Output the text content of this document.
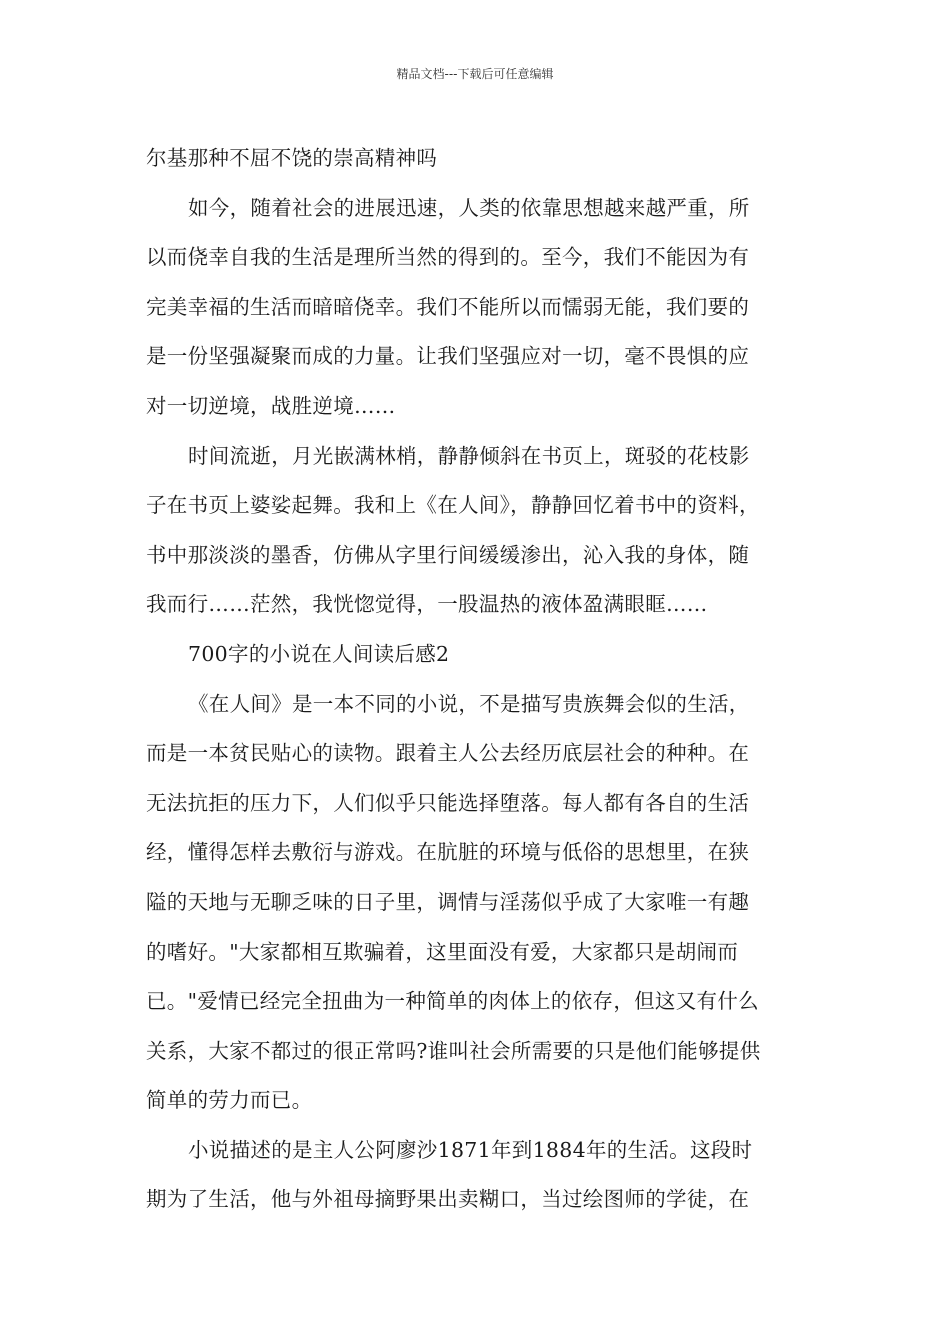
精品文档---下载后可任意编辑
尔基那种不屈不饶的崇高精神吗
如今，随着社会的进展迅速，人类的依靠思想越来越严重，所
以而侥幸自我的生活是理所当然的得到的。至今，我们不能因为有
完美幸福的生活而暗暗侥幸。我们不能所以而懦弱无能，我们要的
是一份坚强凝聚而成的力量。让我们坚强应对一切，毫不畏惧的应
对一切逆境，战胜逆境……
时间流逝，月光嵌满林梢，静静倾斜在书页上，斑驳的花枝影
子在书页上婆娑起舞。我和上《在人间》，静静回忆着书中的资料，
书中那淡淡的墨香，仿佛从字里行间缓缓渗出，沁入我的身体，随
我而行……茫然，我恍惚觉得，一股温热的液体盈满眼眶……
700字的小说在人间读后感2
《在人间》是一本不同的小说，不是描写贵族舞会似的生活，
而是一本贫民贴心的读物。跟着主人公去经历底层社会的种种。在
无法抗拒的压力下，人们似乎只能选择堕落。每人都有各自的生活
经，懂得怎样去敷衍与游戏。在肮脏的环境与低俗的思想里，在狭
隘的天地与无聊乏味的日子里，调情与淫荡似乎成了大家唯一有趣
的嗜好。"大家都相互欺骗着，这里面没有爱，大家都只是胡闹而
已。"爱情已经完全扭曲为一种简单的肉体上的依存，但这又有什么
关系，大家不都过的很正常吗?谁叫社会所需要的只是他们能够提供
简单的劳力而已。
小说描述的是主人公阿廖沙1871年到1884年的生活。这段时
期为了生活，他与外祖母摘野果出卖糊口，当过绘图师的学徒，在
